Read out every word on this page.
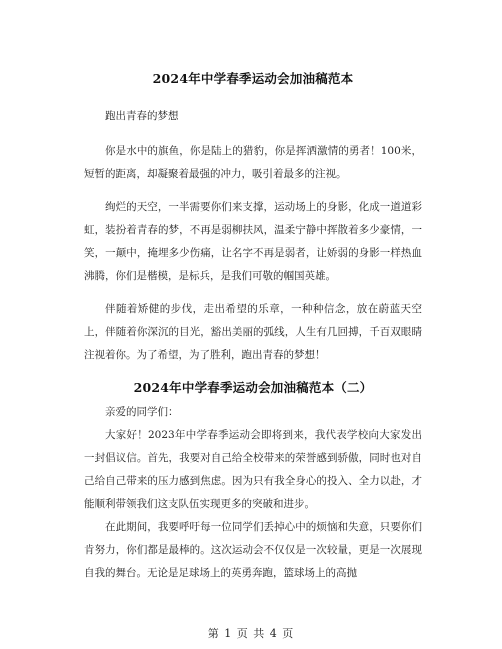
2024年中学春季运动会加油稿范本

跑出青春的梦想

你是水中的旗鱼，你是陆上的猎豹，你是挥洒激情的勇者！100米，短暂的距离，却凝聚着最强的冲力，吸引着最多的注视。

绚烂的天空，一半需要你们来支撑，运动场上的身影，化成一道道彩虹，装扮着青春的梦，不再是弱柳扶风，温柔宁静中挥散着多少豪情，一笑，一颠中，掩埋多少伤痛，让名字不再是弱者，让娇弱的身影一样热血沸腾，你们是楷模，是标兵，是我们可敬的帼国英雄。

伴随着矫健的步伐，走出希望的乐章，一种种信念，放在蔚蓝天空上，伴随着你深沉的目光，豁出美丽的弧线，人生有几回搏，千百双眼睛注视着你。为了希望，为了胜利，跑出青春的梦想！

2024年中学春季运动会加油稿范本（二）

亲爱的同学们：

大家好！2023年中学春季运动会即将到来，我代表学校向大家发出一封倡议信。首先，我要对自己给全校带来的荣誉感到骄傲，同时也对自己给自己带来的压力感到焦虑。因为只有我全身心的投入、全力以赴，才能顺利带领我们这支队伍实现更多的突破和进步。

在此期间，我要呼吁每一位同学们丢掉心中的烦恼和失意，只要你们肯努力，你们都是最棒的。这次运动会不仅仅是一次较量，更是一次展现自我的舞台。无论是足球场上的英勇奔跑，篮球场上的高抛

第 1 页 共 4 页
